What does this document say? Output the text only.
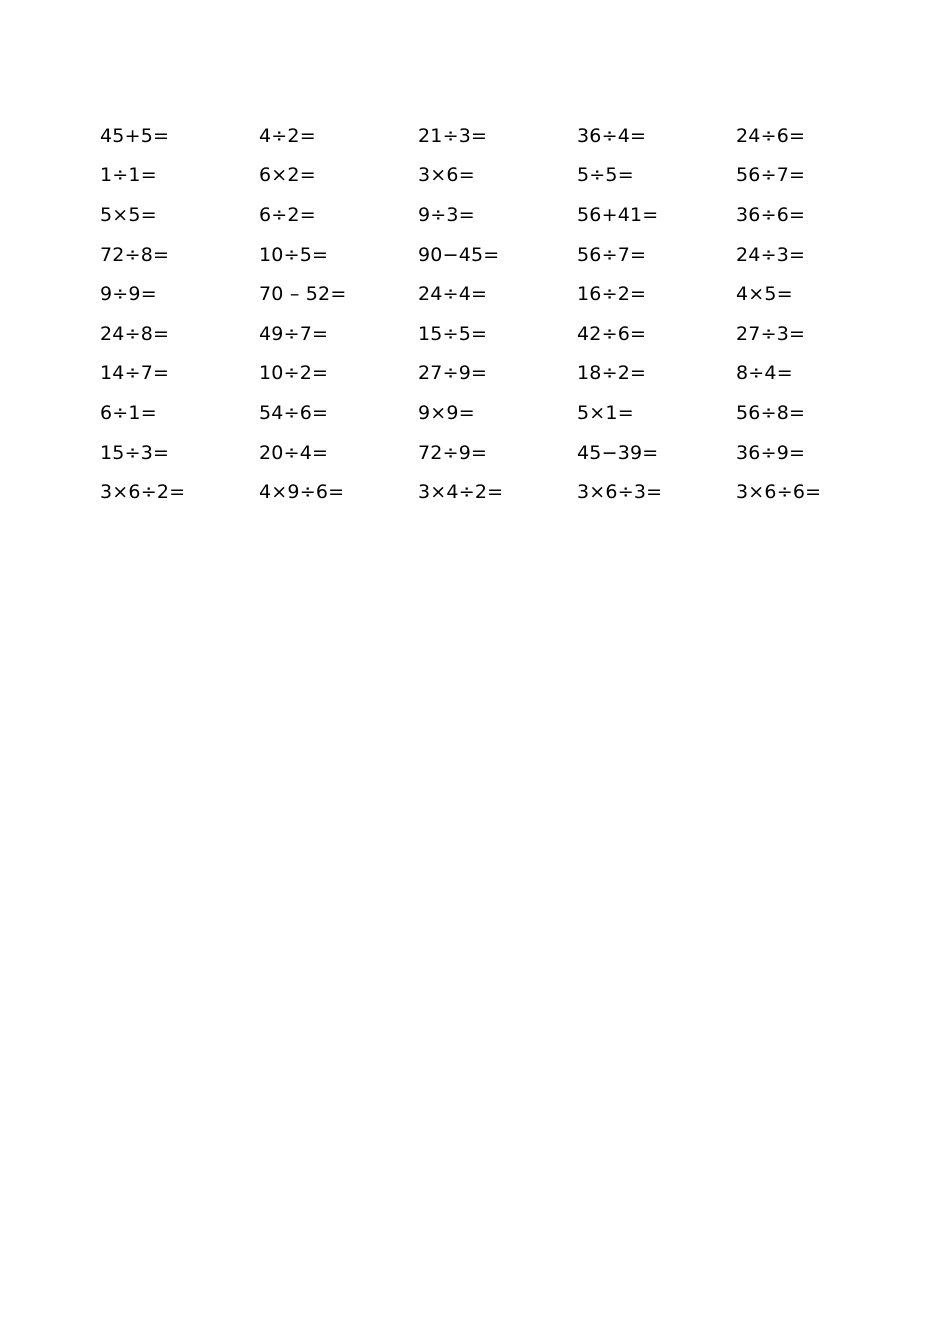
45+5=	4÷2=	21÷3=	36÷4=	24÷6=
1÷1=	6×2=	3×6=	5÷5=	56÷7=
5×5=	6÷2=	9÷3=	56+41=	36÷6=
72÷8=	10÷5=	90−45=	56÷7=	24÷3=
9÷9=	70 – 52=	24÷4=	16÷2=	4×5=
24÷8=	49÷7=	15÷5=	42÷6=	27÷3=
14÷7=	10÷2=	27÷9=	18÷2=	8÷4=
6÷1=	54÷6=	9×9=	5×1=	56÷8=
15÷3=	20÷4=	72÷9=	45−39=	36÷9=
3×6÷2=	4×9÷6=	3×4÷2=	3×6÷3=	3×6÷6=
